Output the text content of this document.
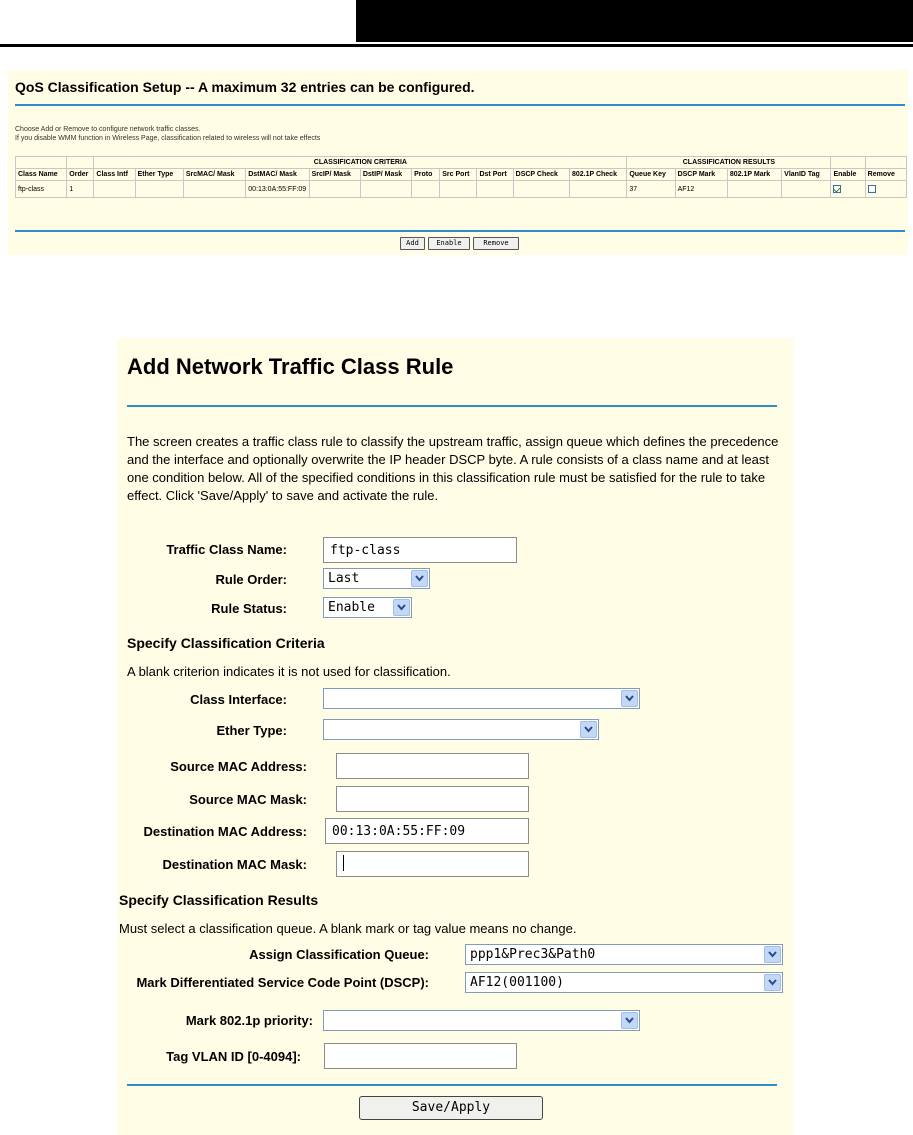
QoS Classification Setup -- A maximum 32 entries can be configured.
Choose Add or Remove to configure network traffic classes.
If you disable WMM function in Wireless Page, classification related to wireless will not take effects
		CLASSIFICATION CRITERIA											CLASSIFICATION RESULTS					
Class Name	Order	Class Intf	Ether Type	SrcMAC/ Mask	DstMAC/ Mask	SrcIP/ Mask	DstIP/ Mask	Proto	Src Port	Dst Port	DSCP Check	802.1P Check	Queue Key	DSCP Mark	802.1P Mark	VlanID Tag	Enable	Remove
ftp-class	1				00:13:0A:55:FF:09								37	AF12				
Add	Enable	Remove
Add Network Traffic Class Rule
The screen creates a traffic class rule to classify the upstream traffic, assign queue which defines the precedence and the interface and optionally overwrite the IP header DSCP byte. A rule consists of a class name and at least one condition below. All of the specified conditions in this classification rule must be satisfied for the rule to take effect. Click 'Save/Apply' to save and activate the rule.
Traffic Class Name:
ftp-class
Rule Order:	Last
Rule Status:	Enable
Specify Classification Criteria
A blank criterion indicates it is not used for classification.
Class Interface:
Ether Type:
Source MAC Address:
Source MAC Mask:
Destination MAC Address:
00:13:0A:55:FF:09
Destination MAC Mask:
Specify Classification Results
Must select a classification queue. A blank mark or tag value means no change.
Assign Classification Queue:	ppp1&Prec3&Path0
Mark Differentiated Service Code Point (DSCP):	AF12(001100)
Mark 802.1p priority:
Tag VLAN ID [0-4094]:
Save/Apply
